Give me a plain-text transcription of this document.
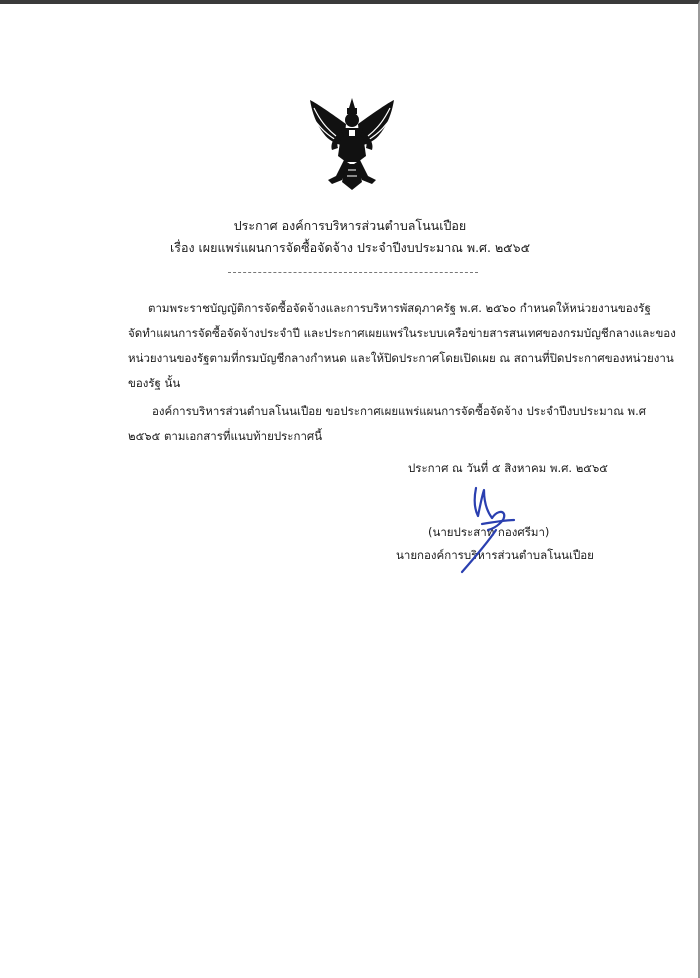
ประกาศ องค์การบริหารส่วนตำบลโนนเปือย
เรื่อง เผยแพร่แผนการจัดซื้อจัดจ้าง ประจำปีงบประมาณ พ.ศ. ๒๕๖๕
ตามพระราชบัญญัติการจัดซื้อจัดจ้างและการบริหารพัสดุภาครัฐ พ.ศ. ๒๕๖๐ กำหนดให้หน่วยงานของรัฐ
จัดทำแผนการจัดซื้อจัดจ้างประจำปี และประกาศเผยแพร่ในระบบเครือข่ายสารสนเทศของกรมบัญชีกลางและของ
หน่วยงานของรัฐตามที่กรมบัญชีกลางกำหนด และให้ปิดประกาศโดยเปิดเผย ณ สถานที่ปิดประกาศของหน่วยงาน
ของรัฐ นั้น
องค์การบริหารส่วนตำบลโนนเปือย ขอประกาศเผยแพร่แผนการจัดซื้อจัดจ้าง ประจำปีงบประมาณ พ.ศ
๒๕๖๕ ตามเอกสารที่แนบท้ายประกาศนี้
ประกาศ ณ วันที่ ๕ สิงหาคม พ.ศ. ๒๕๖๕
(นายประสาท กองศรีมา)
นายกองค์การบริหารส่วนตำบลโนนเปือย
